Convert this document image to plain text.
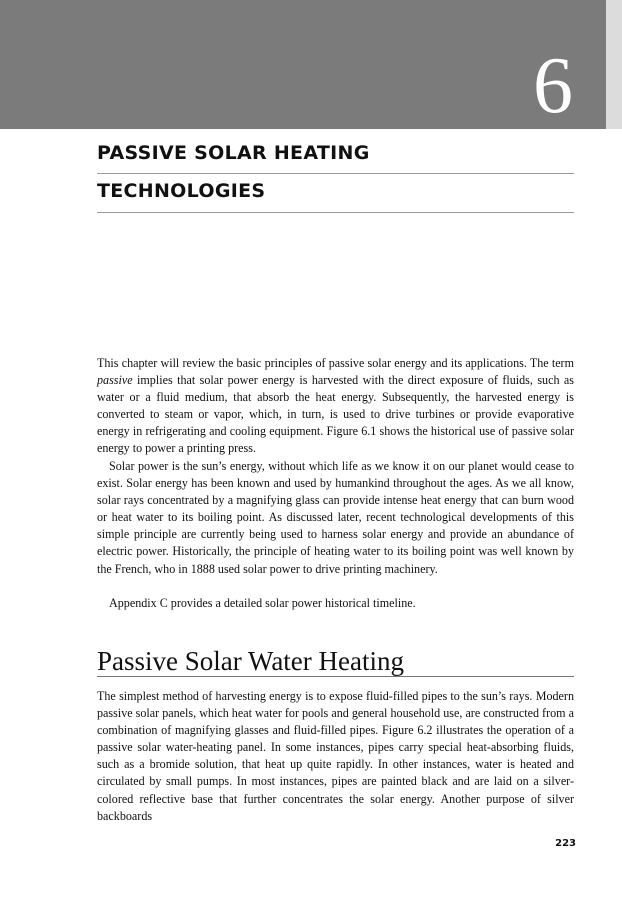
6
PASSIVE SOLAR HEATING
TECHNOLOGIES

This chapter will review the basic principles of passive solar energy and its applications. The term passive implies that solar power energy is harvested with the direct exposure of fluids, such as water or a fluid medium, that absorb the heat energy. Subsequently, the harvested energy is converted to steam or vapor, which, in turn, is used to drive turbines or provide evaporative energy in refrigerating and cooling equipment. Figure 6.1 shows the historical use of passive solar energy to power a printing press.

Solar power is the sun’s energy, without which life as we know it on our planet would cease to exist. Solar energy has been known and used by humankind throughout the ages. As we all know, solar rays concentrated by a magnifying glass can provide intense heat energy that can burn wood or heat water to its boiling point. As discussed later, recent technological developments of this simple principle are currently being used to harness solar energy and provide an abundance of electric power. Historically, the principle of heating water to its boiling point was well known by the French, who in 1888 used solar power to drive printing machinery.

Appendix C provides a detailed solar power historical timeline.

Passive Solar Water Heating

The simplest method of harvesting energy is to expose fluid-filled pipes to the sun’s rays. Modern passive solar panels, which heat water for pools and general household use, are constructed from a combination of magnifying glasses and fluid-filled pipes. Figure 6.2 illustrates the operation of a passive solar water-heating panel. In some instances, pipes carry special heat-absorbing fluids, such as a bromide solution, that heat up quite rapidly. In other instances, water is heated and circulated by small pumps. In most instances, pipes are painted black and are laid on a silver-colored reflective base that further concentrates the solar energy. Another purpose of silver backboards

223
